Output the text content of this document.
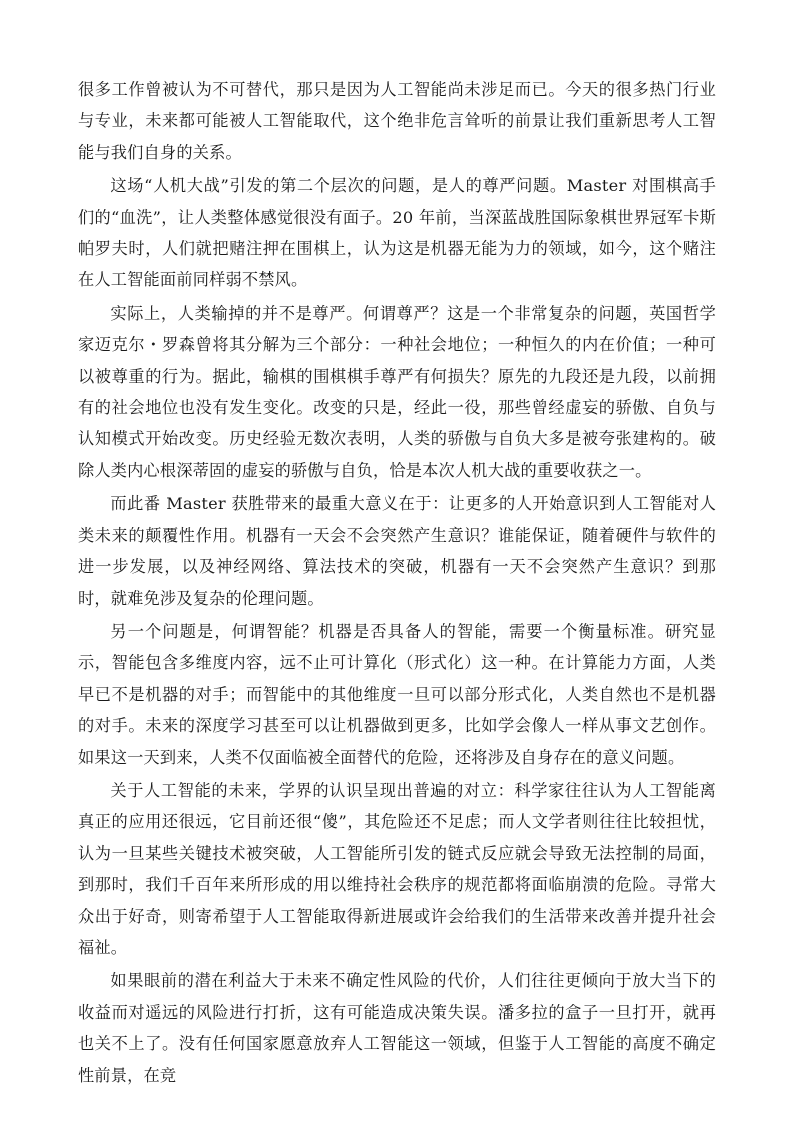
很多工作曾被认为不可替代，那只是因为人工智能尚未涉足而已。今天的很多热门行业与专业，未来都可能被人工智能取代，这个绝非危言耸听的前景让我们重新思考人工智能与我们自身的关系。

这场“人机大战”引发的第二个层次的问题，是人的尊严问题。Master 对围棋高手们的“血洗”，让人类整体感觉很没有面子。20 年前，当深蓝战胜国际象棋世界冠军卡斯帕罗夫时，人们就把赌注押在围棋上，认为这是机器无能为力的领域，如今，这个赌注在人工智能面前同样弱不禁风。

实际上，人类输掉的并不是尊严。何谓尊严？这是一个非常复杂的问题，英国哲学家迈克尔・罗森曾将其分解为三个部分：一种社会地位；一种恒久的内在价值；一种可以被尊重的行为。据此，输棋的围棋棋手尊严有何损失？原先的九段还是九段，以前拥有的社会地位也没有发生变化。改变的只是，经此一役，那些曾经虚妄的骄傲、自负与认知模式开始改变。历史经验无数次表明，人类的骄傲与自负大多是被夸张建构的。破除人类内心根深蒂固的虚妄的骄傲与自负，恰是本次人机大战的重要收获之一。

而此番 Master 获胜带来的最重大意义在于：让更多的人开始意识到人工智能对人类未来的颠覆性作用。机器有一天会不会突然产生意识？谁能保证，随着硬件与软件的进一步发展，以及神经网络、算法技术的突破，机器有一天不会突然产生意识？到那时，就难免涉及复杂的伦理问题。

另一个问题是，何谓智能？机器是否具备人的智能，需要一个衡量标准。研究显示，智能包含多维度内容，远不止可计算化（形式化）这一种。在计算能力方面，人类早已不是机器的对手；而智能中的其他维度一旦可以部分形式化，人类自然也不是机器的对手。未来的深度学习甚至可以让机器做到更多，比如学会像人一样从事文艺创作。如果这一天到来，人类不仅面临被全面替代的危险，还将涉及自身存在的意义问题。

关于人工智能的未来，学界的认识呈现出普遍的对立：科学家往往认为人工智能离真正的应用还很远，它目前还很“傻”，其危险还不足虑；而人文学者则往往比较担忧，认为一旦某些关键技术被突破，人工智能所引发的链式反应就会导致无法控制的局面，到那时，我们千百年来所形成的用以维持社会秩序的规范都将面临崩溃的危险。寻常大众出于好奇，则寄希望于人工智能取得新进展或许会给我们的生活带来改善并提升社会福祉。

如果眼前的潜在利益大于未来不确定性风险的代价，人们往往更倾向于放大当下的收益而对遥远的风险进行打折，这有可能造成决策失误。潘多拉的盒子一旦打开，就再也关不上了。没有任何国家愿意放弃人工智能这一领域，但鉴于人工智能的高度不确定性前景，在竞
